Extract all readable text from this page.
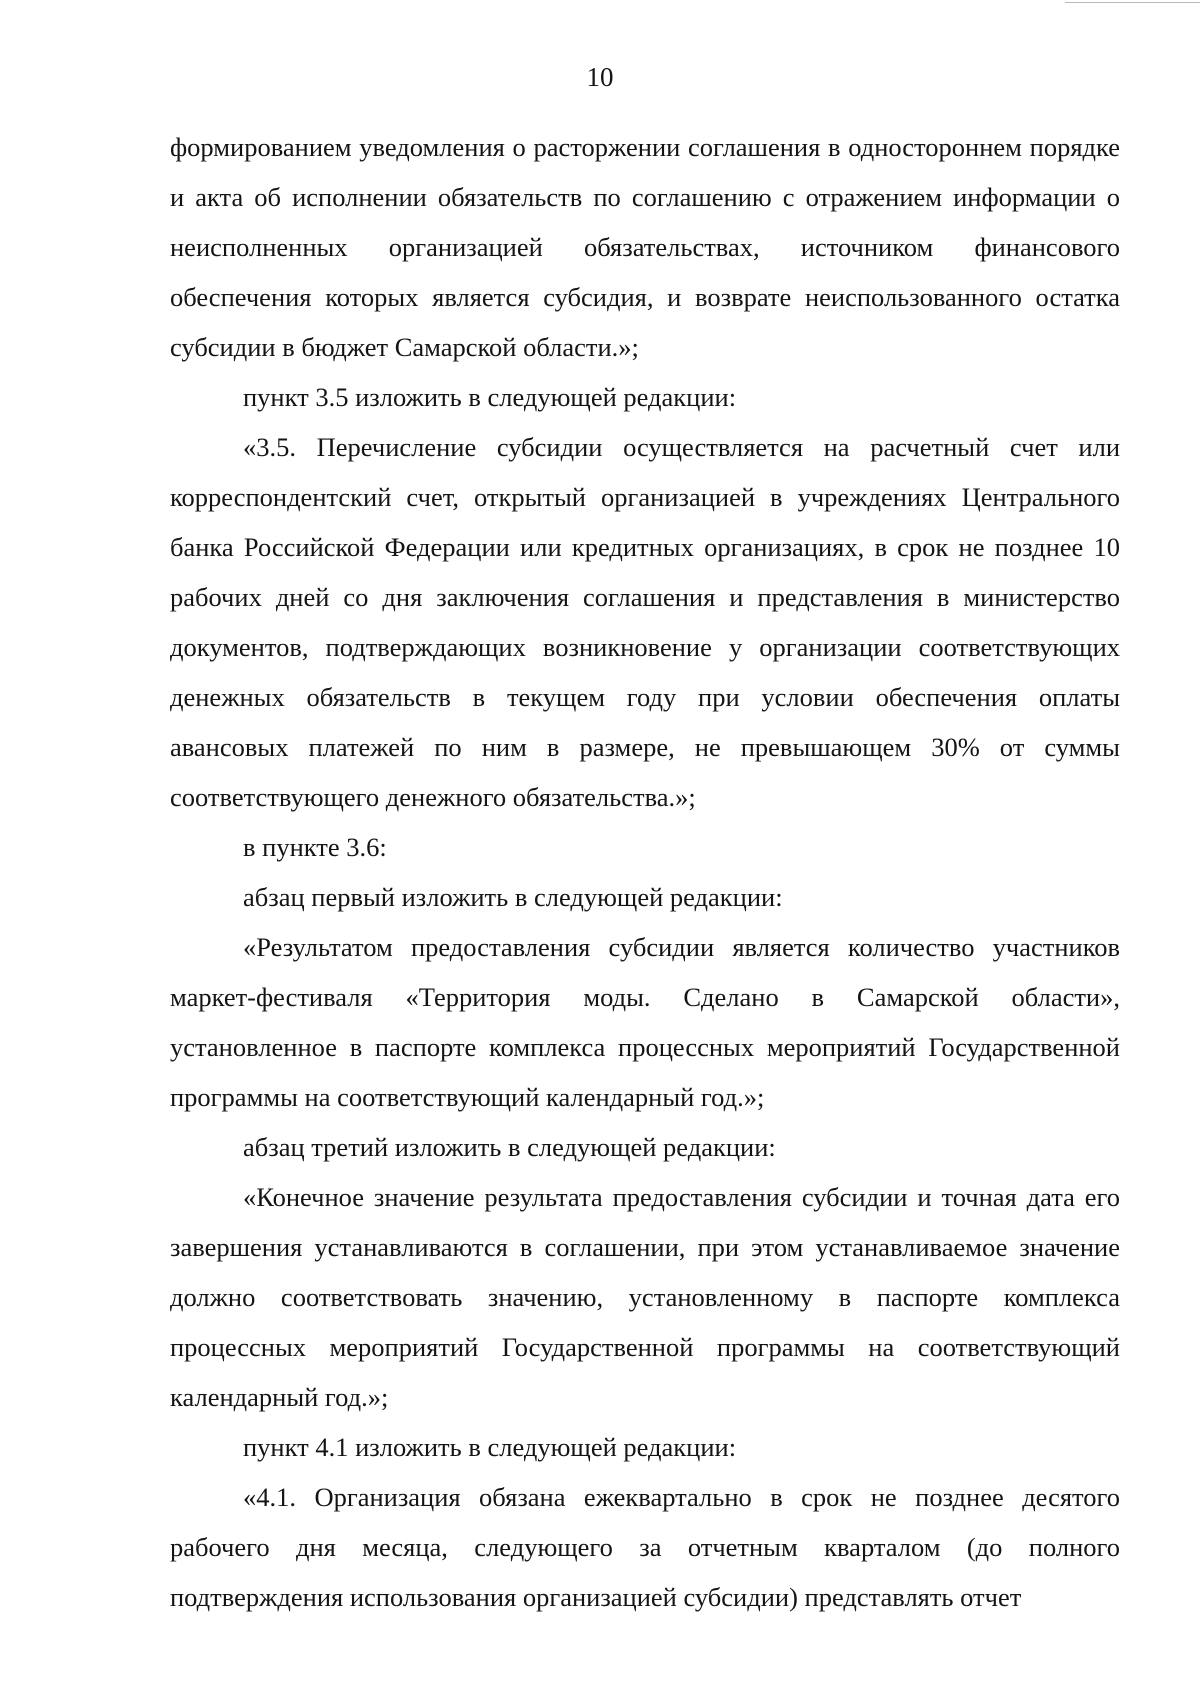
10

формированием уведомления о расторжении соглашения в одностороннем порядке и акта об исполнении обязательств по соглашению с отражением информации о неисполненных организацией обязательствах, источником финансового обеспечения которых является субсидия, и возврате неиспользованного остатка субсидии в бюджет Самарской области.»;

пункт 3.5 изложить в следующей редакции:

«3.5. Перечисление субсидии осуществляется на расчетный счет или корреспондентский счет, открытый организацией в учреждениях Центрального банка Российской Федерации или кредитных организациях, в срок не позднее 10 рабочих дней со дня заключения соглашения и представления в министерство документов, подтверждающих возникновение у организации соответствующих денежных обязательств в текущем году при условии обеспечения оплаты авансовых платежей по ним в размере, не превышающем 30% от суммы соответствующего денежного обязательства.»;

в пункте 3.6:

абзац первый изложить в следующей редакции:

«Результатом предоставления субсидии является количество участников маркет-фестиваля «Территория моды. Сделано в Самарской области», установленное в паспорте комплекса процессных мероприятий Государственной программы на соответствующий календарный год.»;

абзац третий изложить в следующей редакции:

«Конечное значение результата предоставления субсидии и точная дата его завершения устанавливаются в соглашении, при этом устанавливаемое значение должно соответствовать значению, установленному в паспорте комплекса процессных мероприятий Государственной программы на соответствующий календарный год.»;

пункт 4.1 изложить в следующей редакции:

«4.1. Организация обязана ежеквартально в срок не позднее десятого рабочего дня месяца, следующего за отчетным кварталом (до полного подтверждения использования организацией субсидии) представлять отчет
